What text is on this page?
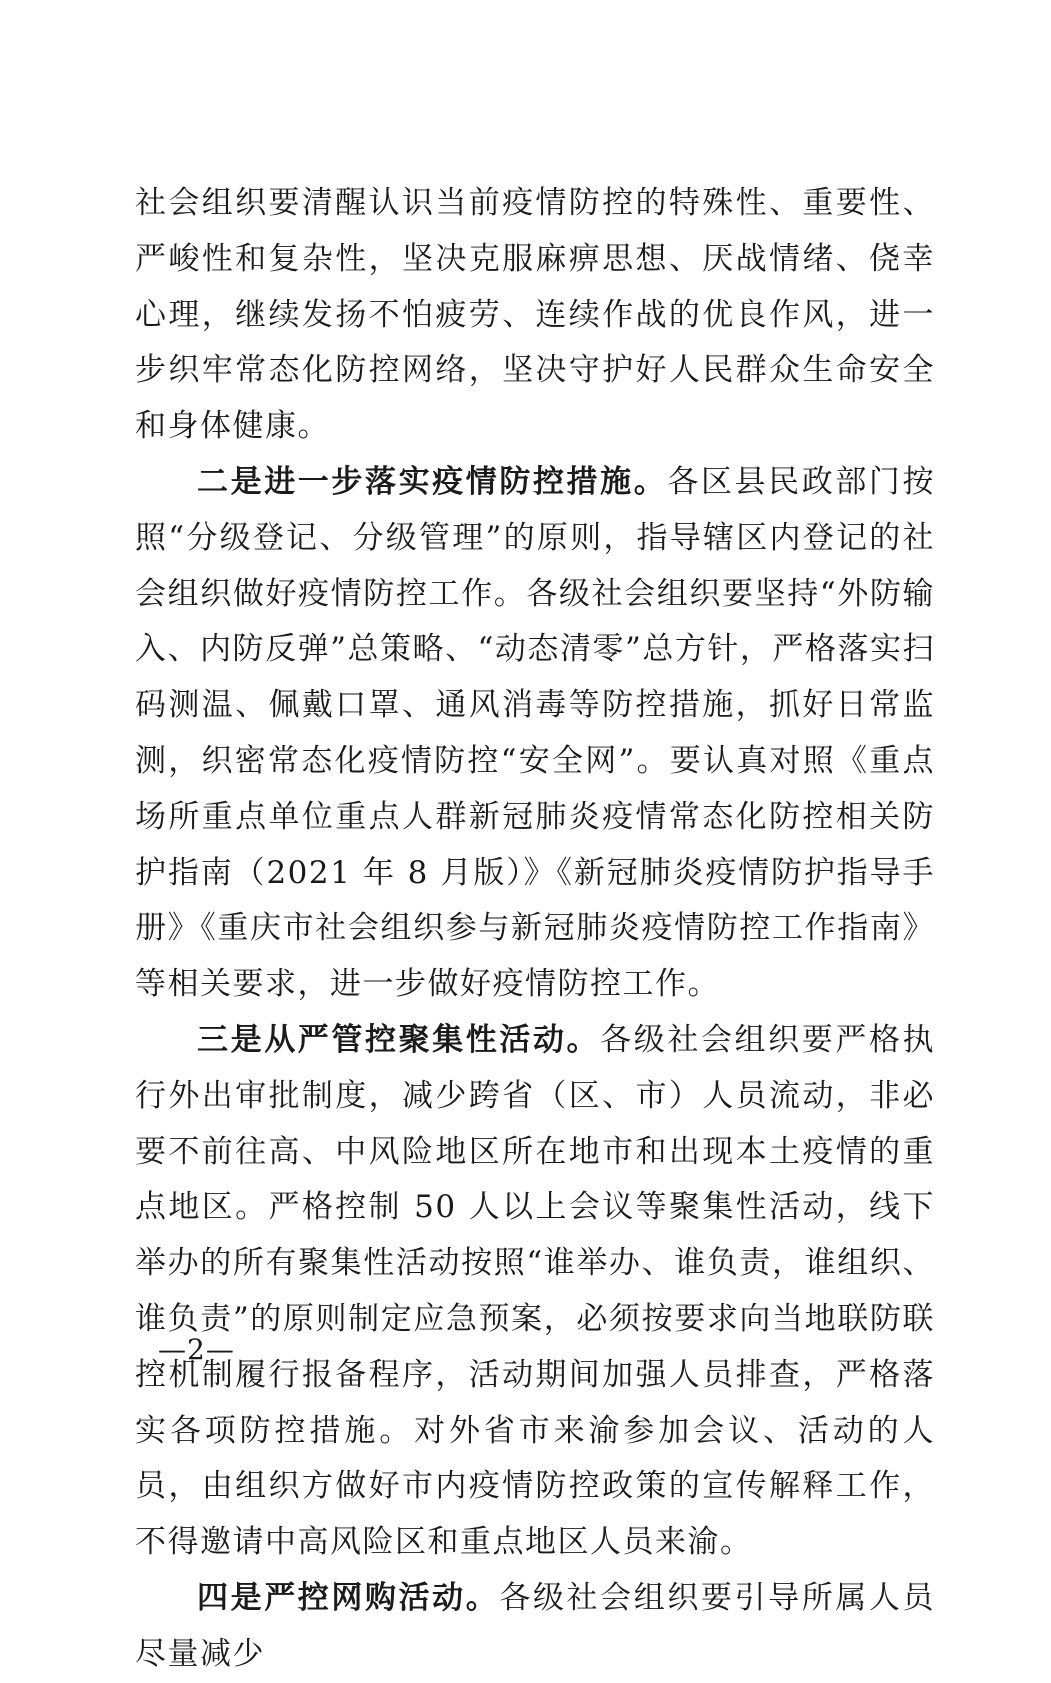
社会组织要清醒认识当前疫情防控的特殊性、重要性、严峻性和复杂性，坚决克服麻痹思想、厌战情绪、侥幸心理，继续发扬不怕疲劳、连续作战的优良作风，进一步织牢常态化防控网络，坚决守护好人民群众生命安全和身体健康。

二是进一步落实疫情防控措施。各区县民政部门按照“分级登记、分级管理”的原则，指导辖区内登记的社会组织做好疫情防控工作。各级社会组织要坚持“外防输入、内防反弹”总策略、“动态清零”总方针，严格落实扫码测温、佩戴口罩、通风消毒等防控措施，抓好日常监测，织密常态化疫情防控“安全网”。要认真对照《重点场所重点单位重点人群新冠肺炎疫情常态化防控相关防护指南（2021 年 8 月版）》《新冠肺炎疫情防护指导手册》《重庆市社会组织参与新冠肺炎疫情防控工作指南》等相关要求，进一步做好疫情防控工作。

三是从严管控聚集性活动。各级社会组织要严格执行外出审批制度，减少跨省（区、市）人员流动，非必要不前往高、中风险地区所在地市和出现本土疫情的重点地区。严格控制 50 人以上会议等聚集性活动，线下举办的所有聚集性活动按照“谁举办、谁负责，谁组织、谁负责”的原则制定应急预案，必须按要求向当地联防联控机制履行报备程序，活动期间加强人员排查，严格落实各项防控措施。对外省市来渝参加会议、活动的人员，由组织方做好市内疫情防控政策的宣传解释工作，不得邀请中高风险区和重点地区人员来渝。

四是严控网购活动。各级社会组织要引导所属人员尽量减少

—2—
